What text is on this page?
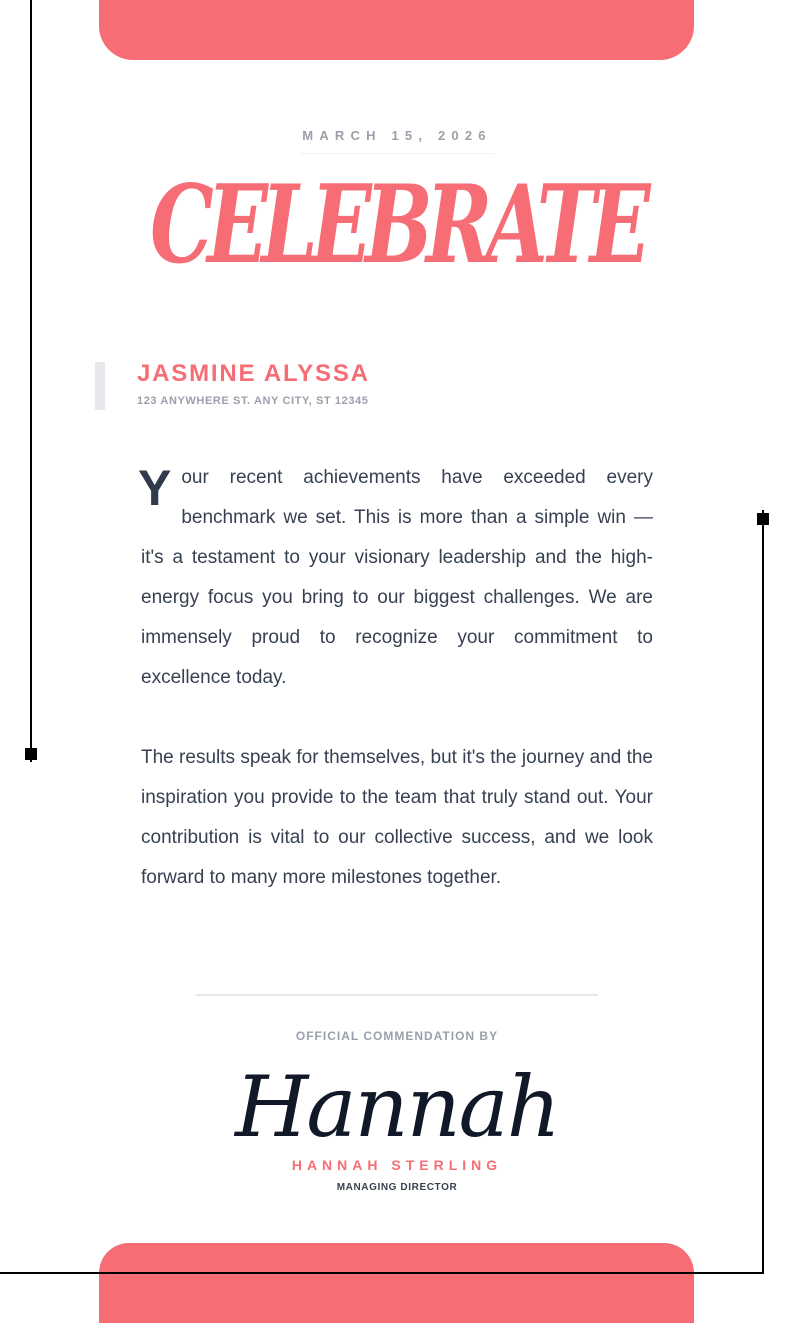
MARCH 15, 2026
CELEBRATE
JASMINE ALYSSA
123 ANYWHERE ST. ANY CITY, ST 12345
Your recent achievements have exceeded every benchmark we set. This is more than a simple win — it's a testament to your visionary leadership and the high-energy focus you bring to our biggest challenges. We are immensely proud to recognize your commitment to excellence today.
The results speak for themselves, but it's the journey and the inspiration you provide to the team that truly stand out. Your contribution is vital to our collective success, and we look forward to many more milestones together.
OFFICIAL COMMENDATION BY
Hannah
HANNAH STERLING
MANAGING DIRECTOR
